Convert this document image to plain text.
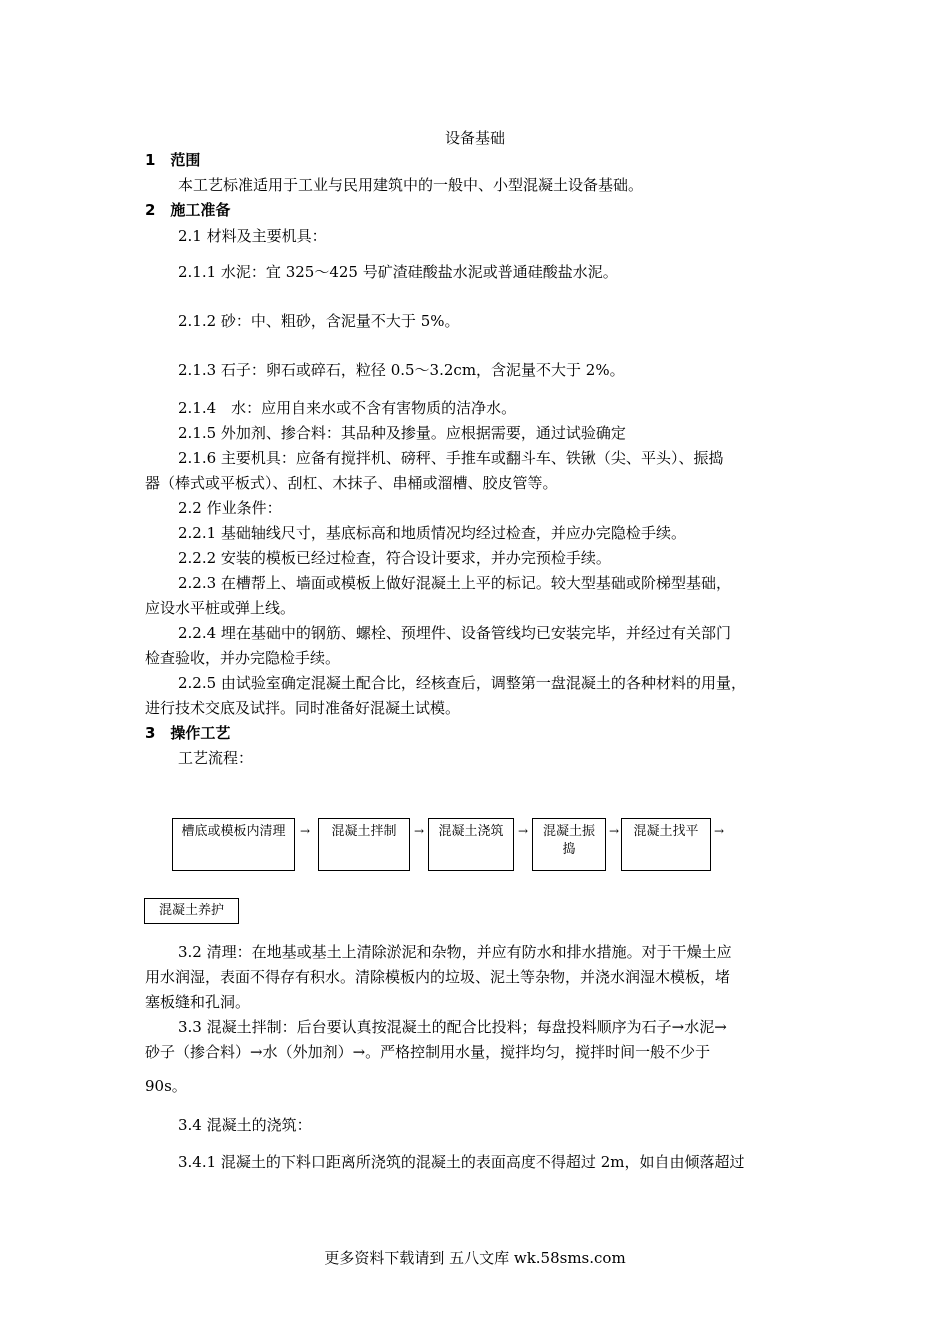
设备基础
1　范围
本工艺标准适用于工业与民用建筑中的一般中、小型混凝土设备基础。
2　施工准备
2.1 材料及主要机具：
2.1.1 水泥：宜 325～425 号矿渣硅酸盐水泥或普通硅酸盐水泥。
2.1.2 砂：中、粗砂，含泥量不大于 5%。
2.1.3 石子：卵石或碎石，粒径 0.5～3.2cm，含泥量不大于 2%。
2.1.4　水：应用自来水或不含有害物质的洁净水。
2.1.5 外加剂、掺合料：其品种及掺量。应根据需要，通过试验确定
2.1.6 主要机具：应备有搅拌机、磅秤、手推车或翻斗车、铁锹（尖、平头）、振捣
器（棒式或平板式）、刮杠、木抹子、串桶或溜槽、胶皮管等。
2.2 作业条件：
2.2.1 基础轴线尺寸，基底标高和地质情况均经过检查，并应办完隐检手续。
2.2.2 安装的模板已经过检查，符合设计要求，并办完预检手续。
2.2.3 在槽帮上、墙面或模板上做好混凝土上平的标记。较大型基础或阶梯型基础，
应设水平桩或弹上线。
2.2.4 埋在基础中的钢筋、螺栓、预埋件、设备管线均已安装完毕，并经过有关部门
检查验收，并办完隐检手续。
2.2.5 由试验室确定混凝土配合比，经核查后，调整第一盘混凝土的各种材料的用量，
进行技术交底及试拌。同时准备好混凝土试模。
3　操作工艺
工艺流程：
槽底或模板内清理	→	混凝土拌制	→	混凝土浇筑	→	混凝土振
捣
→	混凝土找平	→
混凝土养护
3.2 清理：在地基或基土上清除淤泥和杂物，并应有防水和排水措施。对于干燥土应
用水润湿，表面不得存有积水。清除模板内的垃圾、泥土等杂物，并浇水润湿木模板，堵
塞板缝和孔洞。
3.3 混凝土拌制：后台要认真按混凝土的配合比投料；每盘投料顺序为石子→水泥→
砂子（掺合料）→水（外加剂）→。严格控制用水量，搅拌均匀，搅拌时间一般不少于
90s。
3.4 混凝土的浇筑：
3.4.1 混凝土的下料口距离所浇筑的混凝土的表面高度不得超过 2m，如自由倾落超过
更多资料下载请到 五八文库 wk.58sms.com
